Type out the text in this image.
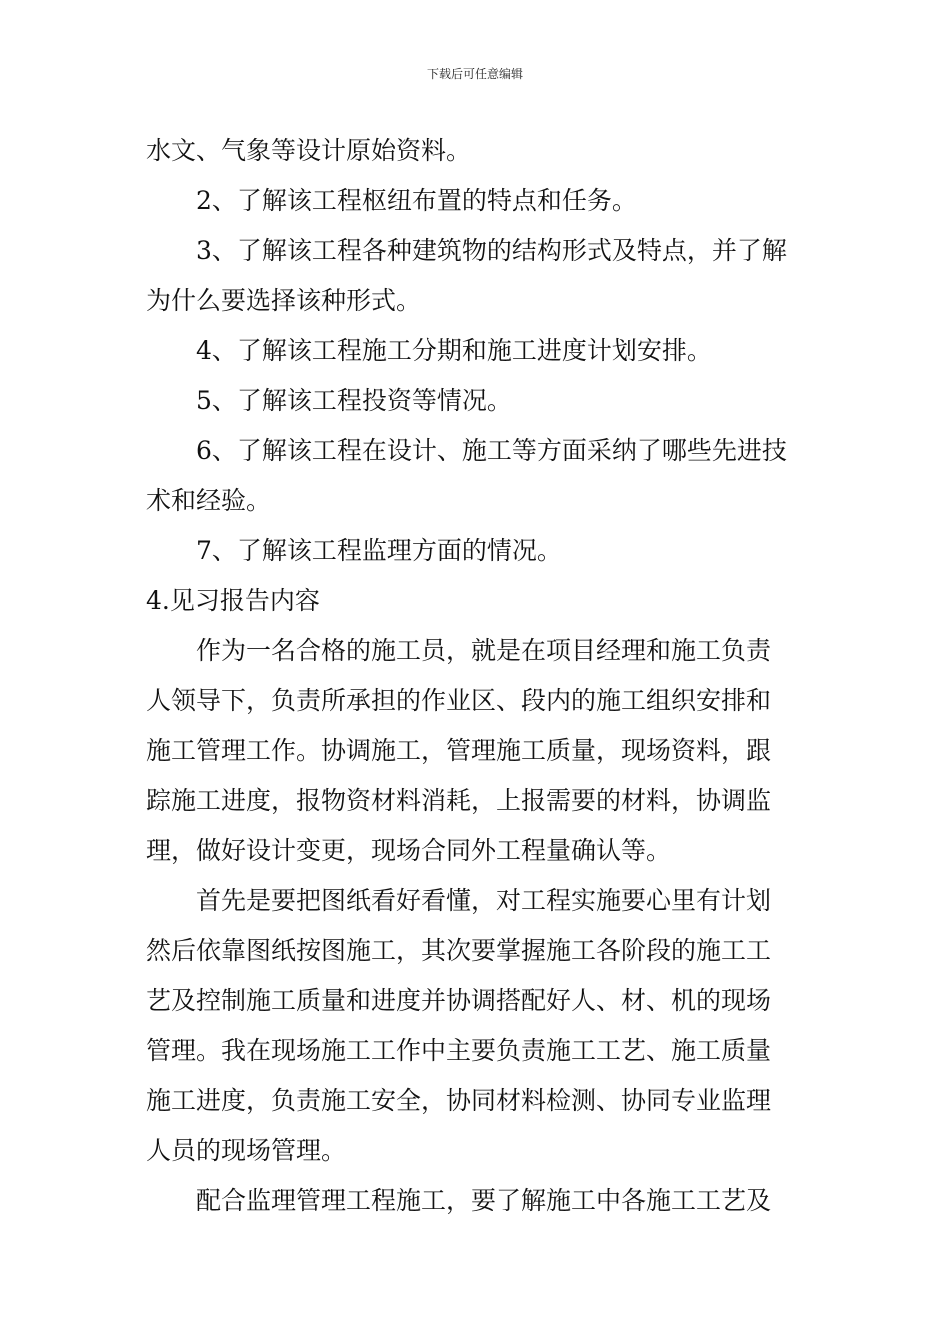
下载后可任意编辑
水文、气象等设计原始资料。
2、了解该工程枢纽布置的特点和任务。
3、了解该工程各种建筑物的结构形式及特点，并了解
为什么要选择该种形式。
4、了解该工程施工分期和施工进度计划安排。
5、了解该工程投资等情况。
6、了解该工程在设计、施工等方面采纳了哪些先进技
术和经验。
7、了解该工程监理方面的情况。
4.见习报告内容
作为一名合格的施工员，就是在项目经理和施工负责
人领导下，负责所承担的作业区、段内的施工组织安排和
施工管理工作。协调施工，管理施工质量，现场资料，跟
踪施工进度，报物资材料消耗，上报需要的材料，协调监
理，做好设计变更，现场合同外工程量确认等。
首先是要把图纸看好看懂，对工程实施要心里有计划
然后依靠图纸按图施工，其次要掌握施工各阶段的施工工
艺及控制施工质量和进度并协调搭配好人、材、机的现场
管理。我在现场施工工作中主要负责施工工艺、施工质量
施工进度，负责施工安全，协同材料检测、协同专业监理
人员的现场管理。
配合监理管理工程施工，要了解施工中各施工工艺及
